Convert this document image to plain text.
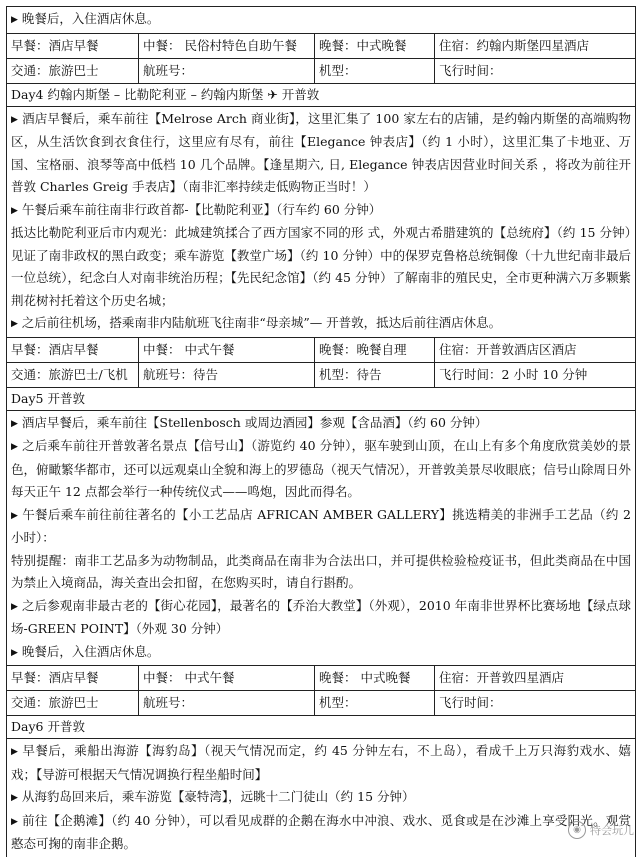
▶ 晚餐后，入住酒店休息。
早餐：酒店早餐	中餐： 民俗村特色自助午餐	晚餐：中式晚餐	住宿：约翰内斯堡四星酒店
交通：旅游巴士	航班号：	机型：	飞行时间：
Day4 约翰内斯堡 – 比勒陀利亚 – 约翰内斯堡 ✈ 开普敦
▶ 酒店早餐后，乘车前往【Melrose Arch 商业街】，这里汇集了 100 家左右的店铺，是约翰内斯堡的高端购物区，从生活饮食到衣食住行，这里应有尽有，前往【Elegance 钟表店】（约 1 小时），这里汇集了卡地亚、万国、宝格丽、浪琴等高中低档 10 几个品牌。【逢星期六, 日, Elegance 钟表店因营业时间关系 ，将改为前往开普敦 Charles Greig 手表店】（南非汇率持续走低购物正当时！）
▶ 午餐后乘车前往南非行政首都-【比勒陀利亚】（行车约 60 分钟）
抵达比勒陀利亚后市内观光：此城建筑揉合了西方国家不同的形 式，外观古希腊建筑的【总统府】（约 15 分钟）见证了南非政权的黑白政变；乘车游览【教堂广场】（约 10 分钟）中的保罗克鲁格总统铜像（十九世纪南非最后一位总统），纪念白人对南非统治历程；【先民纪念馆】（约 45 分钟）了解南非的殖民史，全市更种满六万多颗紫荆花树衬托着这个历史名城；
▶ 之后前往机场，搭乘南非内陆航班飞往南非“母亲城”— 开普敦，抵达后前往酒店休息。
早餐：酒店早餐	中餐： 中式午餐	晚餐：晚餐自理	住宿：开普敦酒店区酒店
交通：旅游巴士/飞机	航班号：待告	机型：待告	飞行时间：2 小时 10 分钟
Day5 开普敦
▶ 酒店早餐后，乘车前往【Stellenbosch 或周边酒园】参观【含品酒】（约 60 分钟）
▶ 之后乘车前往开普敦著名景点【信号山】（游览约 40 分钟），驱车驶到山顶，在山上有多个角度欣赏美妙的景色，俯瞰繁华都市，还可以远观桌山全貌和海上的罗德岛（视天气情况），开普敦美景尽收眼底；信号山除周日外每天正午 12 点都会举行一种传统仪式——鸣炮，因此而得名。
▶ 午餐后乘车前往前往著名的【小工艺品店 AFRICAN AMBER GALLERY】挑选精美的非洲手工艺品（约 2 小时）：
特别提醒：南非工艺品多为动物制品，此类商品在南非为合法出口，并可提供检验检疫证书，但此类商品在中国为禁止入境商品，海关查出会扣留，在您购买时，请自行斟酌。
▶ 之后参观南非最古老的【街心花园】，最著名的【乔治大教堂】（外观），2010 年南非世界杯比赛场地【绿点球场-GREEN POINT】（外观 30 分钟）
▶ 晚餐后，入住酒店休息。
早餐：酒店早餐	中餐： 中式午餐	晚餐： 中式晚餐	住宿：开普敦四星酒店
交通：旅游巴士	航班号：	机型：	飞行时间：
Day6 开普敦
▶ 早餐后，乘船出海游【海豹岛】（视天气情况而定，约 45 分钟左右，不上岛），看成千上万只海豹戏水、嬉戏；【导游可根据天气情况调换行程坐船时间】
▶ 从海豹岛回来后，乘车游览【豪特湾】，远眺十二门徒山（约 15 分钟）
▶ 前往【企鹅滩】（约 40 分钟），可以看见成群的企鹅在海水中冲浪、戏水、觅食或是在沙滩上享受阳光。观赏憨态可掬的南非企鹅。	◉ 特会玩儿
